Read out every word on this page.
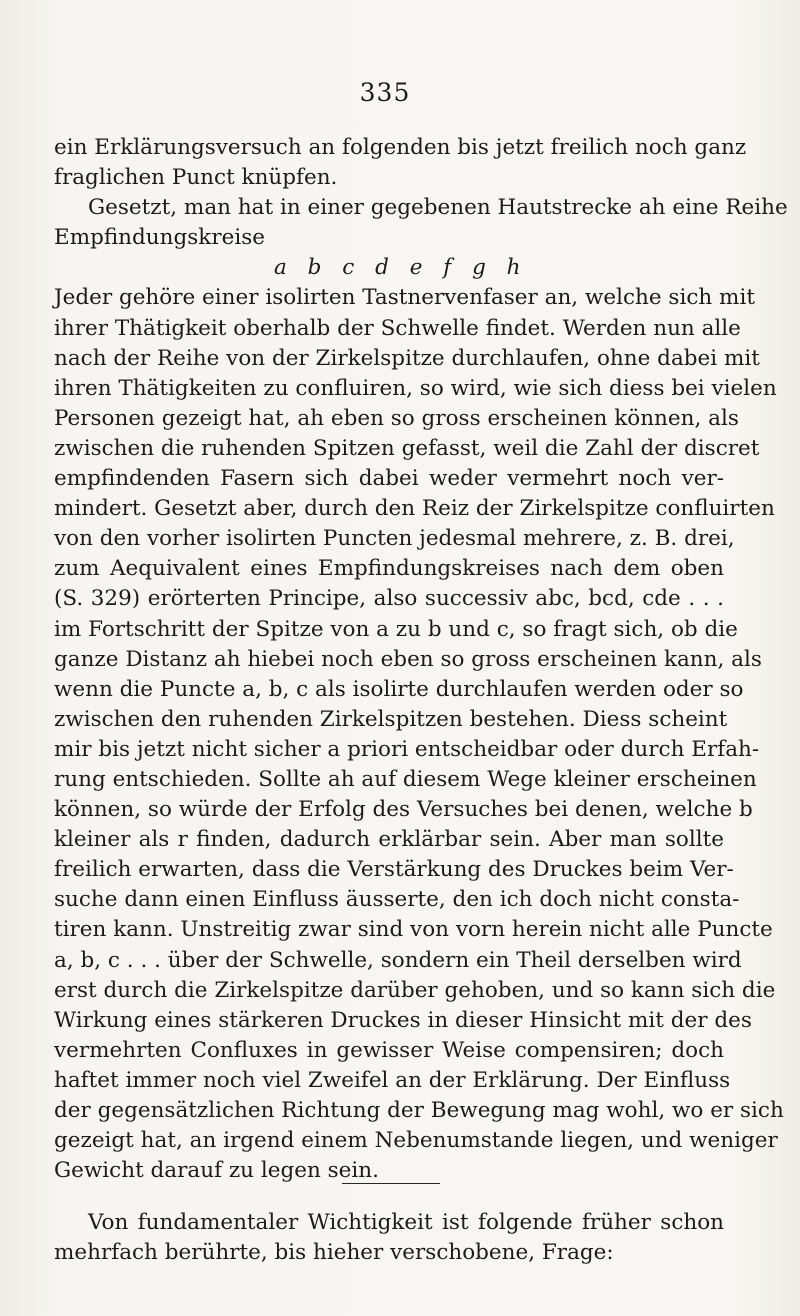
335
ein Erklärungsversuch an folgenden bis jetzt freilich noch ganz
fraglichen Punct knüpfen.
Gesetzt, man hat in einer gegebenen Hautstrecke ah eine Reihe
Empfindungskreise
a b c d e f g h
Jeder gehöre einer isolirten Tastnervenfaser an, welche sich mit
ihrer Thätigkeit oberhalb der Schwelle findet. Werden nun alle
nach der Reihe von der Zirkelspitze durchlaufen, ohne dabei mit
ihren Thätigkeiten zu confluiren, so wird, wie sich diess bei vielen
Personen gezeigt hat, ah eben so gross erscheinen können, als
zwischen die ruhenden Spitzen gefasst, weil die Zahl der discret
empfindenden Fasern sich dabei weder vermehrt noch ver-
mindert. Gesetzt aber, durch den Reiz der Zirkelspitze confluirten
von den vorher isolirten Puncten jedesmal mehrere, z. B. drei,
zum Aequivalent eines Empfindungskreises nach dem oben
(S. 329) erörterten Principe, also successiv abc, bcd, cde . . .
im Fortschritt der Spitze von a zu b und c, so fragt sich, ob die
ganze Distanz ah hiebei noch eben so gross erscheinen kann, als
wenn die Puncte a, b, c als isolirte durchlaufen werden oder so
zwischen den ruhenden Zirkelspitzen bestehen. Diess scheint
mir bis jetzt nicht sicher a priori entscheidbar oder durch Erfah-
rung entschieden. Sollte ah auf diesem Wege kleiner erscheinen
können, so würde der Erfolg des Versuches bei denen, welche b
kleiner als r finden, dadurch erklärbar sein. Aber man sollte
freilich erwarten, dass die Verstärkung des Druckes beim Ver-
suche dann einen Einfluss äusserte, den ich doch nicht consta-
tiren kann. Unstreitig zwar sind von vorn herein nicht alle Puncte
a, b, c . . . über der Schwelle, sondern ein Theil derselben wird
erst durch die Zirkelspitze darüber gehoben, und so kann sich die
Wirkung eines stärkeren Druckes in dieser Hinsicht mit der des
vermehrten Confluxes in gewisser Weise compensiren; doch
haftet immer noch viel Zweifel an der Erklärung. Der Einfluss
der gegensätzlichen Richtung der Bewegung mag wohl, wo er sich
gezeigt hat, an irgend einem Nebenumstande liegen, und weniger
Gewicht darauf zu legen sein.
Von fundamentaler Wichtigkeit ist folgende früher schon
mehrfach berührte, bis hieher verschobene, Frage:
